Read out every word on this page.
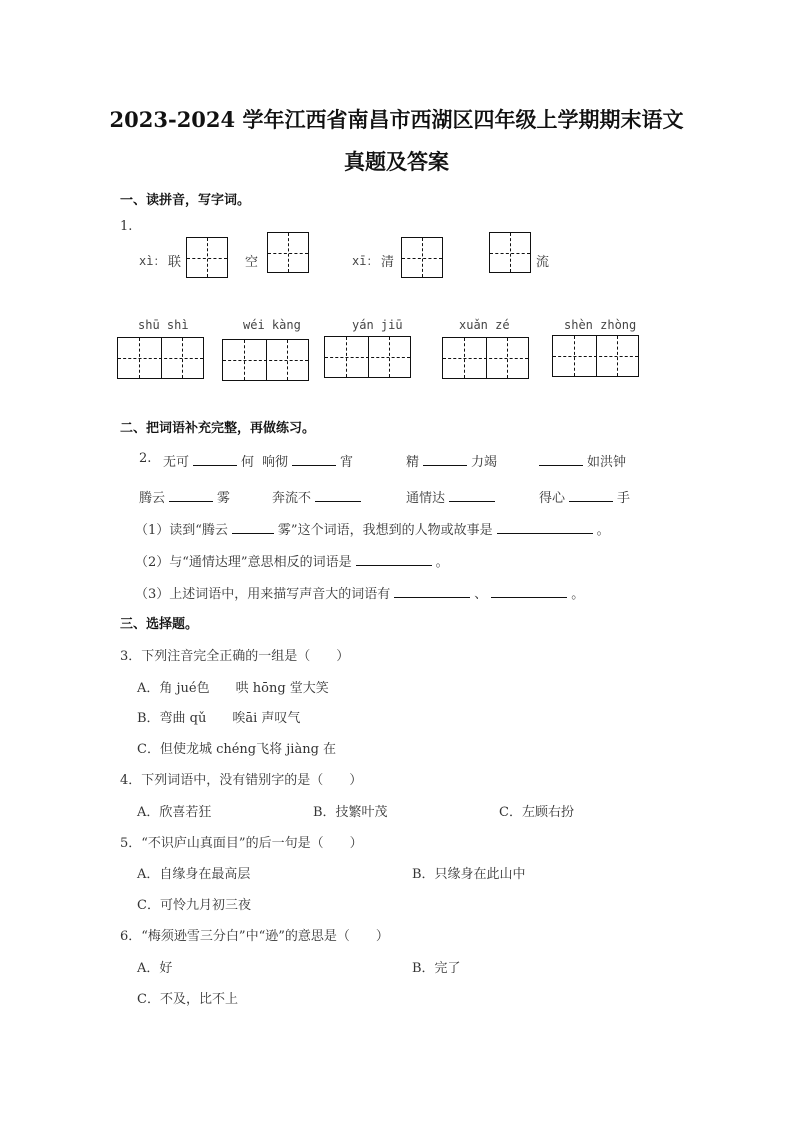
2023-2024 学年江西省南昌市西湖区四年级上学期期末语文
真题及答案
一、读拼音，写字词。
1.
xì： 联	空	xī： 清	流
shū shì	wéi kàng	yán jiū	xuǎn zé	shèn zhòng
二、把词语补充完整，再做练习。
2. 无可	何 响彻	宵	精	力竭	如洪钟
腾云	雾	奔流不	通情达	得心	手
（1）读到“腾云	雾”这个词语，我想到的人物或故事是	。
（2）与“通情达理”意思相反的词语是	。
（3）上述词语中，用来描写声音大的词语有	、	。
三、选择题。
3．下列注音完全正确的一组是（　　）
A．角 jué色　　哄 hōng 堂大笑
B．弯曲 qǔ　　唉āi 声叹气
C．但使龙城 chéng飞将 jiàng 在
4．下列词语中，没有错别字的是（　　）
A．欣喜若狂	B．技繁叶茂	C．左顾右扮
5．“不识庐山真面目”的后一句是（　　）
A．自缘身在最高层	B．只缘身在此山中
C．可怜九月初三夜
6．“梅须逊雪三分白”中“逊”的意思是（　　）
A．好	B．完了
C．不及，比不上
